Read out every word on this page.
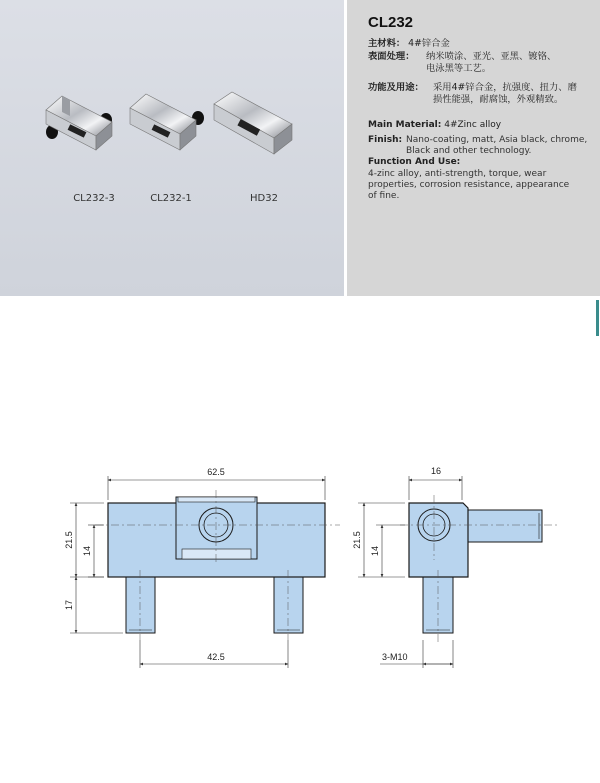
CL232-3	CL232-1	HD32
CL232
主材料： 4#锌合金
表面处理： 纳米喷涂、亚光、亚黑、镀铬、
电泳黑等工艺。
功能及用途： 采用4#锌合金，抗强度、扭力、磨
损性能强，耐腐蚀，外观精致。
Main Material: 4#Zinc alloy
Finish: Nano-coating, matt, Asia black, chrome,
Black and other technology.
Function And Use:
4-zinc alloy, anti-strength, torque, wear
properties, corrosion resistance, appearance
of fine.
62.5
21.5
14
17
42.5
16
21.5
14
3-M10
